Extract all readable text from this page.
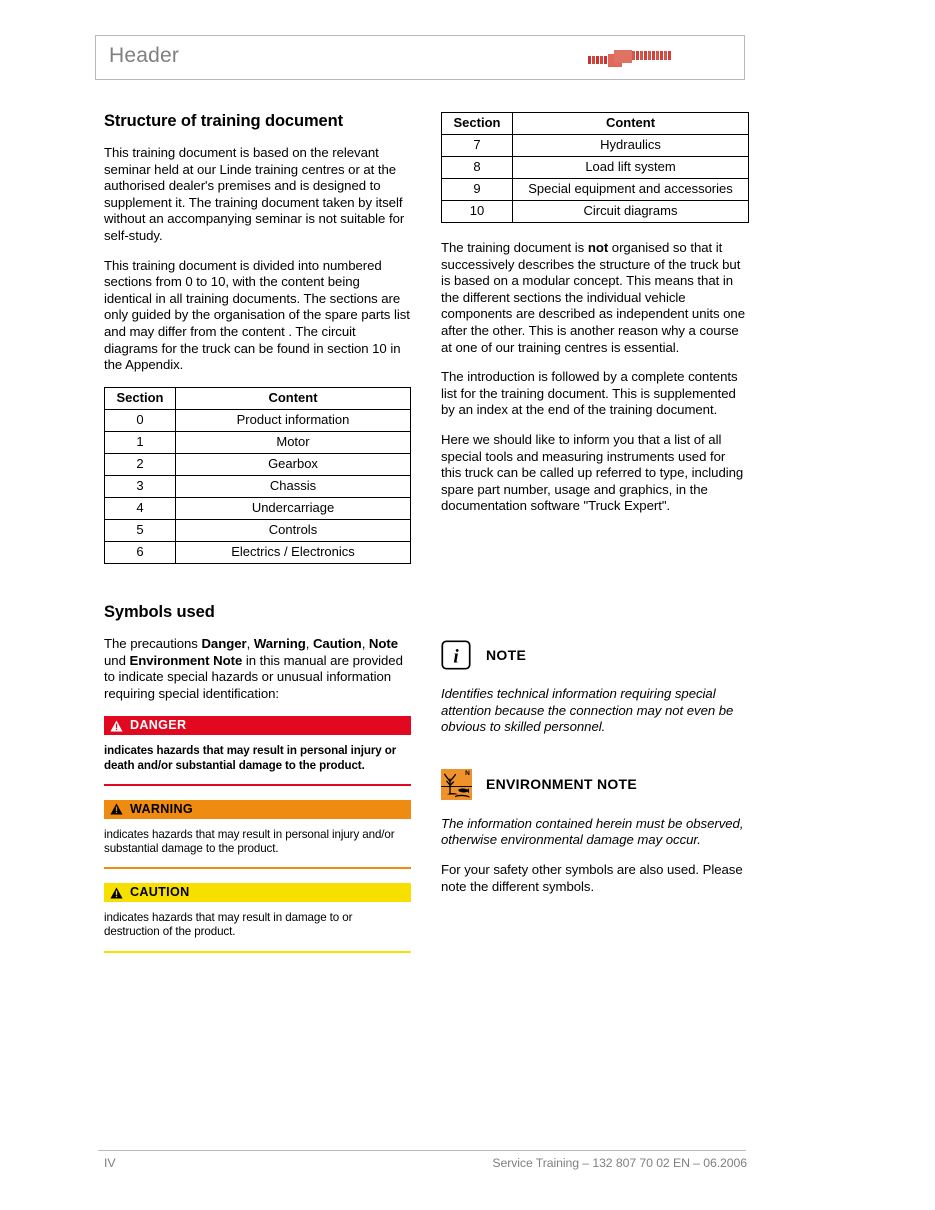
Header
Structure of training document

This training document is based on the relevant seminar held at our Linde training centres or at the authorised dealer's premises and is designed to supplement it. The training document taken by itself without an accompanying seminar is not suitable for self-study.

This training document is divided into numbered sections from 0 to 10, with the content being identical in all training documents. The sections are only guided by the organisation of the spare parts list and may differ from the content . The circuit diagrams for the truck can be found in section 10 in the Appendix.

Section	Content
0	Product information
1	Motor
2	Gearbox
3	Chassis
4	Undercarriage
5	Controls
6	Electrics / Electronics
Section	Content
7	Hydraulics
8	Load lift system
9	Special equipment and accessories
10	Circuit diagrams

The training document is not organised so that it successively describes the structure of the truck but is based on a modular concept. This means that in the different sections the individual vehicle components are described as independent units one after the other. This is another reason why a course at one of our training centres is essential.

The introduction is followed by a complete contents list for the training document. This is supplemented by an index at the end of the training document.

Here we should like to inform you that a list of all special tools and measuring instruments used for this truck can be called up referred to type, including spare part number, usage and graphics, in the documentation software "Truck Expert".

Symbols used

The precautions Danger, Warning, Caution, Note und Environment Note in this manual are provided to indicate special hazards or unusual information requiring special identification:

DANGER

indicates hazards that may result in personal injury or death and/or substantial damage to the product.

WARNING

indicates hazards that may result in personal injury and/or substantial damage to the product.

CAUTION

indicates hazards that may result in damage to or destruction of the product.

i NOTE

Identifies technical information requiring special attention because the connection may not even be obvious to skilled personnel.

N
ENVIRONMENT NOTE

The information contained herein must be observed, otherwise environmental damage may occur.

For your safety other symbols are also used. Please note the different symbols.

IV	Service Training – 132 807 70 02 EN – 06.2006
